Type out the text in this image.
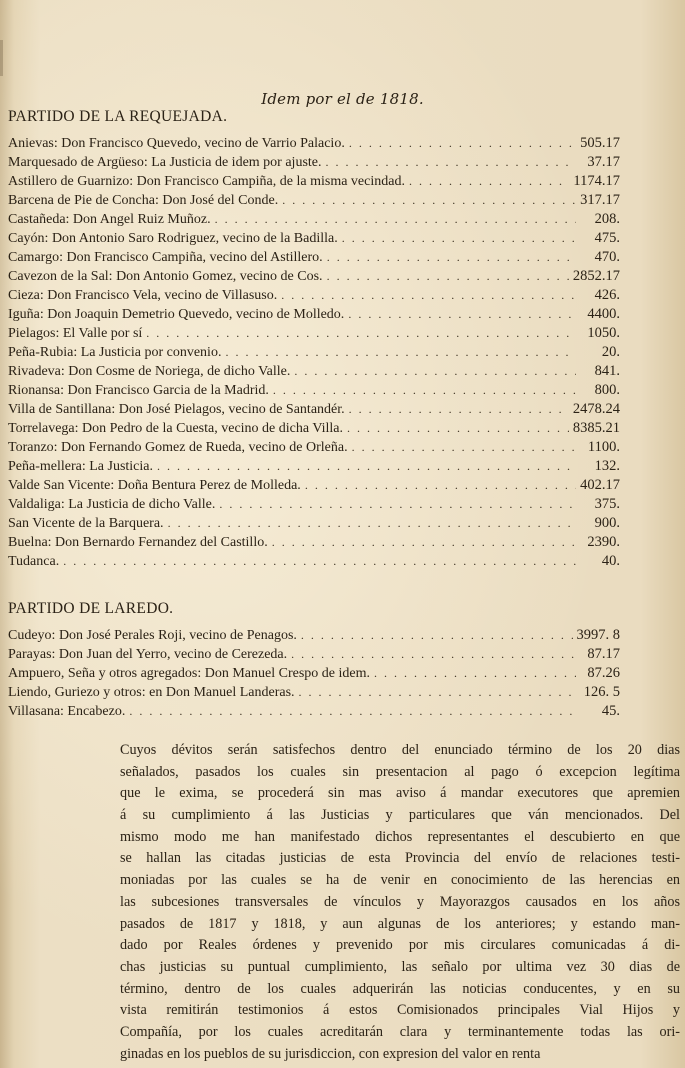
Idem por el de 1818.
PARTIDO DE LA REQUEJADA.
Anievas: Don Francisco Quevedo, vecino de Varrio Palacio. . . .	505.17
Marquesado de Argüeso: La Justicia de idem por ajuste. . . .	37.17
Astillero de Guarnizo: Don Francisco Campiña, de la misma vecindad. . . .	1174.17
Barcena de Pie de Concha: Don José del Conde. . . .	317.17
Castañeda: Don Angel Ruiz Muñoz. . . .	208.
Cayón: Don Antonio Saro Rodriguez, vecino de la Badilla. . . .	475.
Camargo: Don Francisco Campiña, vecino del Astillero. . . .	470.
Cavezon de la Sal: Don Antonio Gomez, vecino de Cos. . . .	2852.17
Cieza: Don Francisco Vela, vecino de Villasuso. . . .	426.
Iguña: Don Joaquin Demetrio Quevedo, vecino de Molledo. . . .	4400.
Pielagos: El Valle por sí . . .	1050.
Peña-Rubia: La Justicia por convenio. . . .	20.
Rivadeva: Don Cosme de Noriega, de dicho Valle. . . .	841.
Rionansa: Don Francisco Garcia de la Madrid. . . .	800.
Villa de Santillana: Don José Pielagos, vecino de Santandér. . . .	2478.24
Torrelavega: Don Pedro de la Cuesta, vecino de dicha Villa. . . .	8385.21
Toranzo: Don Fernando Gomez de Rueda, vecino de Orleña. . . .	1100.
Peña-mellera: La Justicia. . . .	132.
Valde San Vicente: Doña Bentura Perez de Molleda. . . .	402.17
Valdaliga: La Justicia de dicho Valle. . . .	375.
San Vicente de la Barquera. . . .	900.
Buelna: Don Bernardo Fernandez del Castillo. . . .	2390.
Tudanca. . . .	40.
PARTIDO DE LAREDO.
Cudeyo: Don José Perales Roji, vecino de Penagos. . . .	3997. 8
Parayas: Don Juan del Yerro, vecino de Cerezeda. . . .	87.17
Ampuero, Seña y otros agregados: Don Manuel Crespo de idem. . . .	87.26
Liendo, Guriezo y otros: en Don Manuel Landeras. . . .	126. 5
Villasana: Encabezo. . . .	45.
Cuyos dévitos serán satisfechos dentro del enunciado término de los 20 dias
señalados, pasados los cuales sin presentacion al pago ó excepcion legítima
que le exima, se procederá sin mas aviso á mandar executores que apremien
á su cumplimiento á las Justicias y particulares que ván mencionados. Del
mismo modo me han manifestado dichos representantes el descubierto en que
se hallan las citadas justicias de esta Provincia del envío de relaciones testi-
moniadas por las cuales se ha de venir en conocimiento de las herencias en
las subcesiones transversales de vínculos y Mayorazgos causados en los años
pasados de 1817 y 1818, y aun algunas de los anteriores; y estando man-
dado por Reales órdenes y prevenido por mis circulares comunicadas á di-
chas justicias su puntual cumplimiento, las señalo por ultima vez 30 dias de
término, dentro de los cuales adquerirán las noticias conducentes, y en su
vista remitirán testimonios á estos Comisionados principales Vial Hijos y
Compañía, por los cuales acreditarán clara y terminantemente todas las ori-
ginadas en los pueblos de su jurisdiccion, con expresion del valor en renta
